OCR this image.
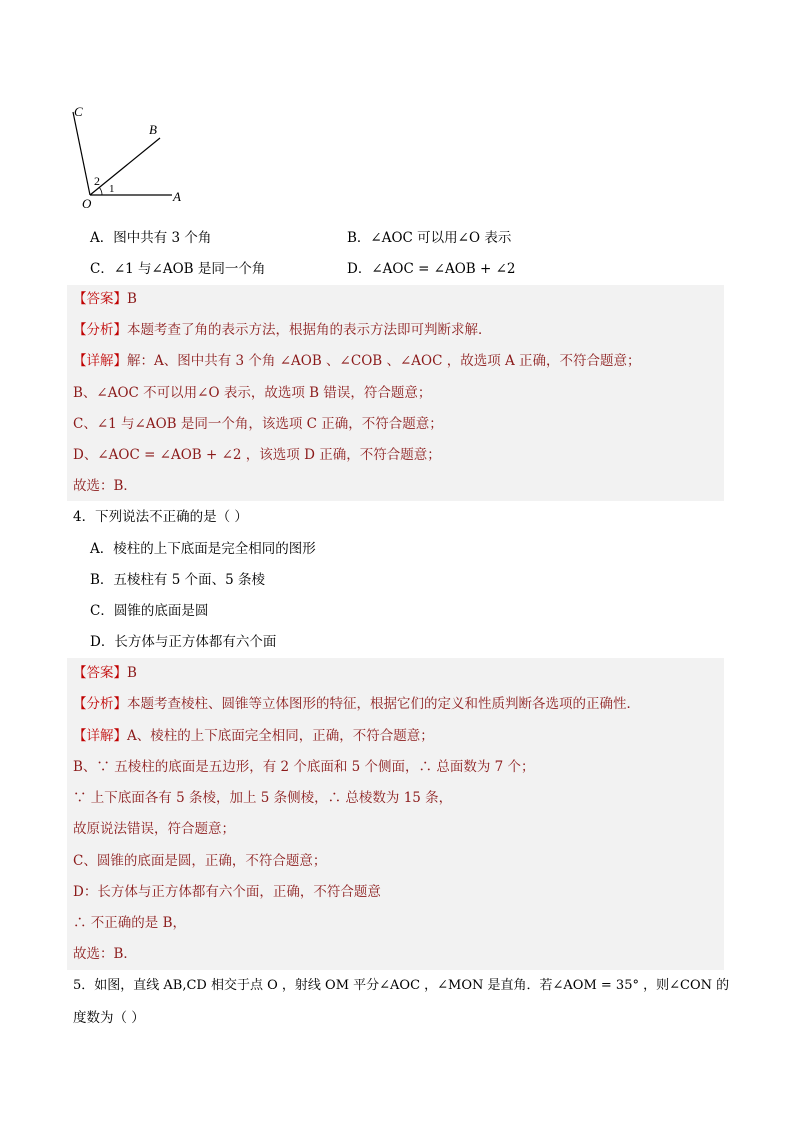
C
B
A
O
2
1
A．图中共有 3 个角	B．∠AOC 可以用∠O 表示
C．∠1 与∠AOB 是同一个角	D．∠AOC = ∠AOB + ∠2
【答案】B
【分析】本题考查了角的表示方法，根据角的表示方法即可判断求解．
【详解】解：A、图中共有 3 个角 ∠AOB 、∠COB 、∠AOC ，故选项 A 正确，不符合题意；
B、∠AOC 不可以用∠O 表示，故选项 B 错误，符合题意；
C、∠1 与∠AOB 是同一个角，该选项 C 正确，不符合题意；
D、∠AOC = ∠AOB + ∠2 ，该选项 D 正确，不符合题意；
故选：B．
4．下列说法不正确的是（ ）
A．棱柱的上下底面是完全相同的图形
B．五棱柱有 5 个面、5 条棱
C．圆锥的底面是圆
D．长方体与正方体都有六个面
【答案】B
【分析】本题考查棱柱、圆锥等立体图形的特征，根据它们的定义和性质判断各选项的正确性．
【详解】A、棱柱的上下底面完全相同，正确，不符合题意；
B、∵ 五棱柱的底面是五边形，有 2 个底面和 5 个侧面，∴ 总面数为 7 个；
∵ 上下底面各有 5 条棱，加上 5 条侧棱，∴ 总棱数为 15 条，
故原说法错误，符合题意；
C、圆锥的底面是圆，正确，不符合题意；
D：长方体与正方体都有六个面，正确，不符合题意
∴ 不正确的是 B，
故选：B．
5．如图，直线 AB,CD 相交于点 O ，射线 OM 平分∠AOC ，∠MON 是直角．若∠AOM = 35° ，则∠CON 的
度数为（ ）
